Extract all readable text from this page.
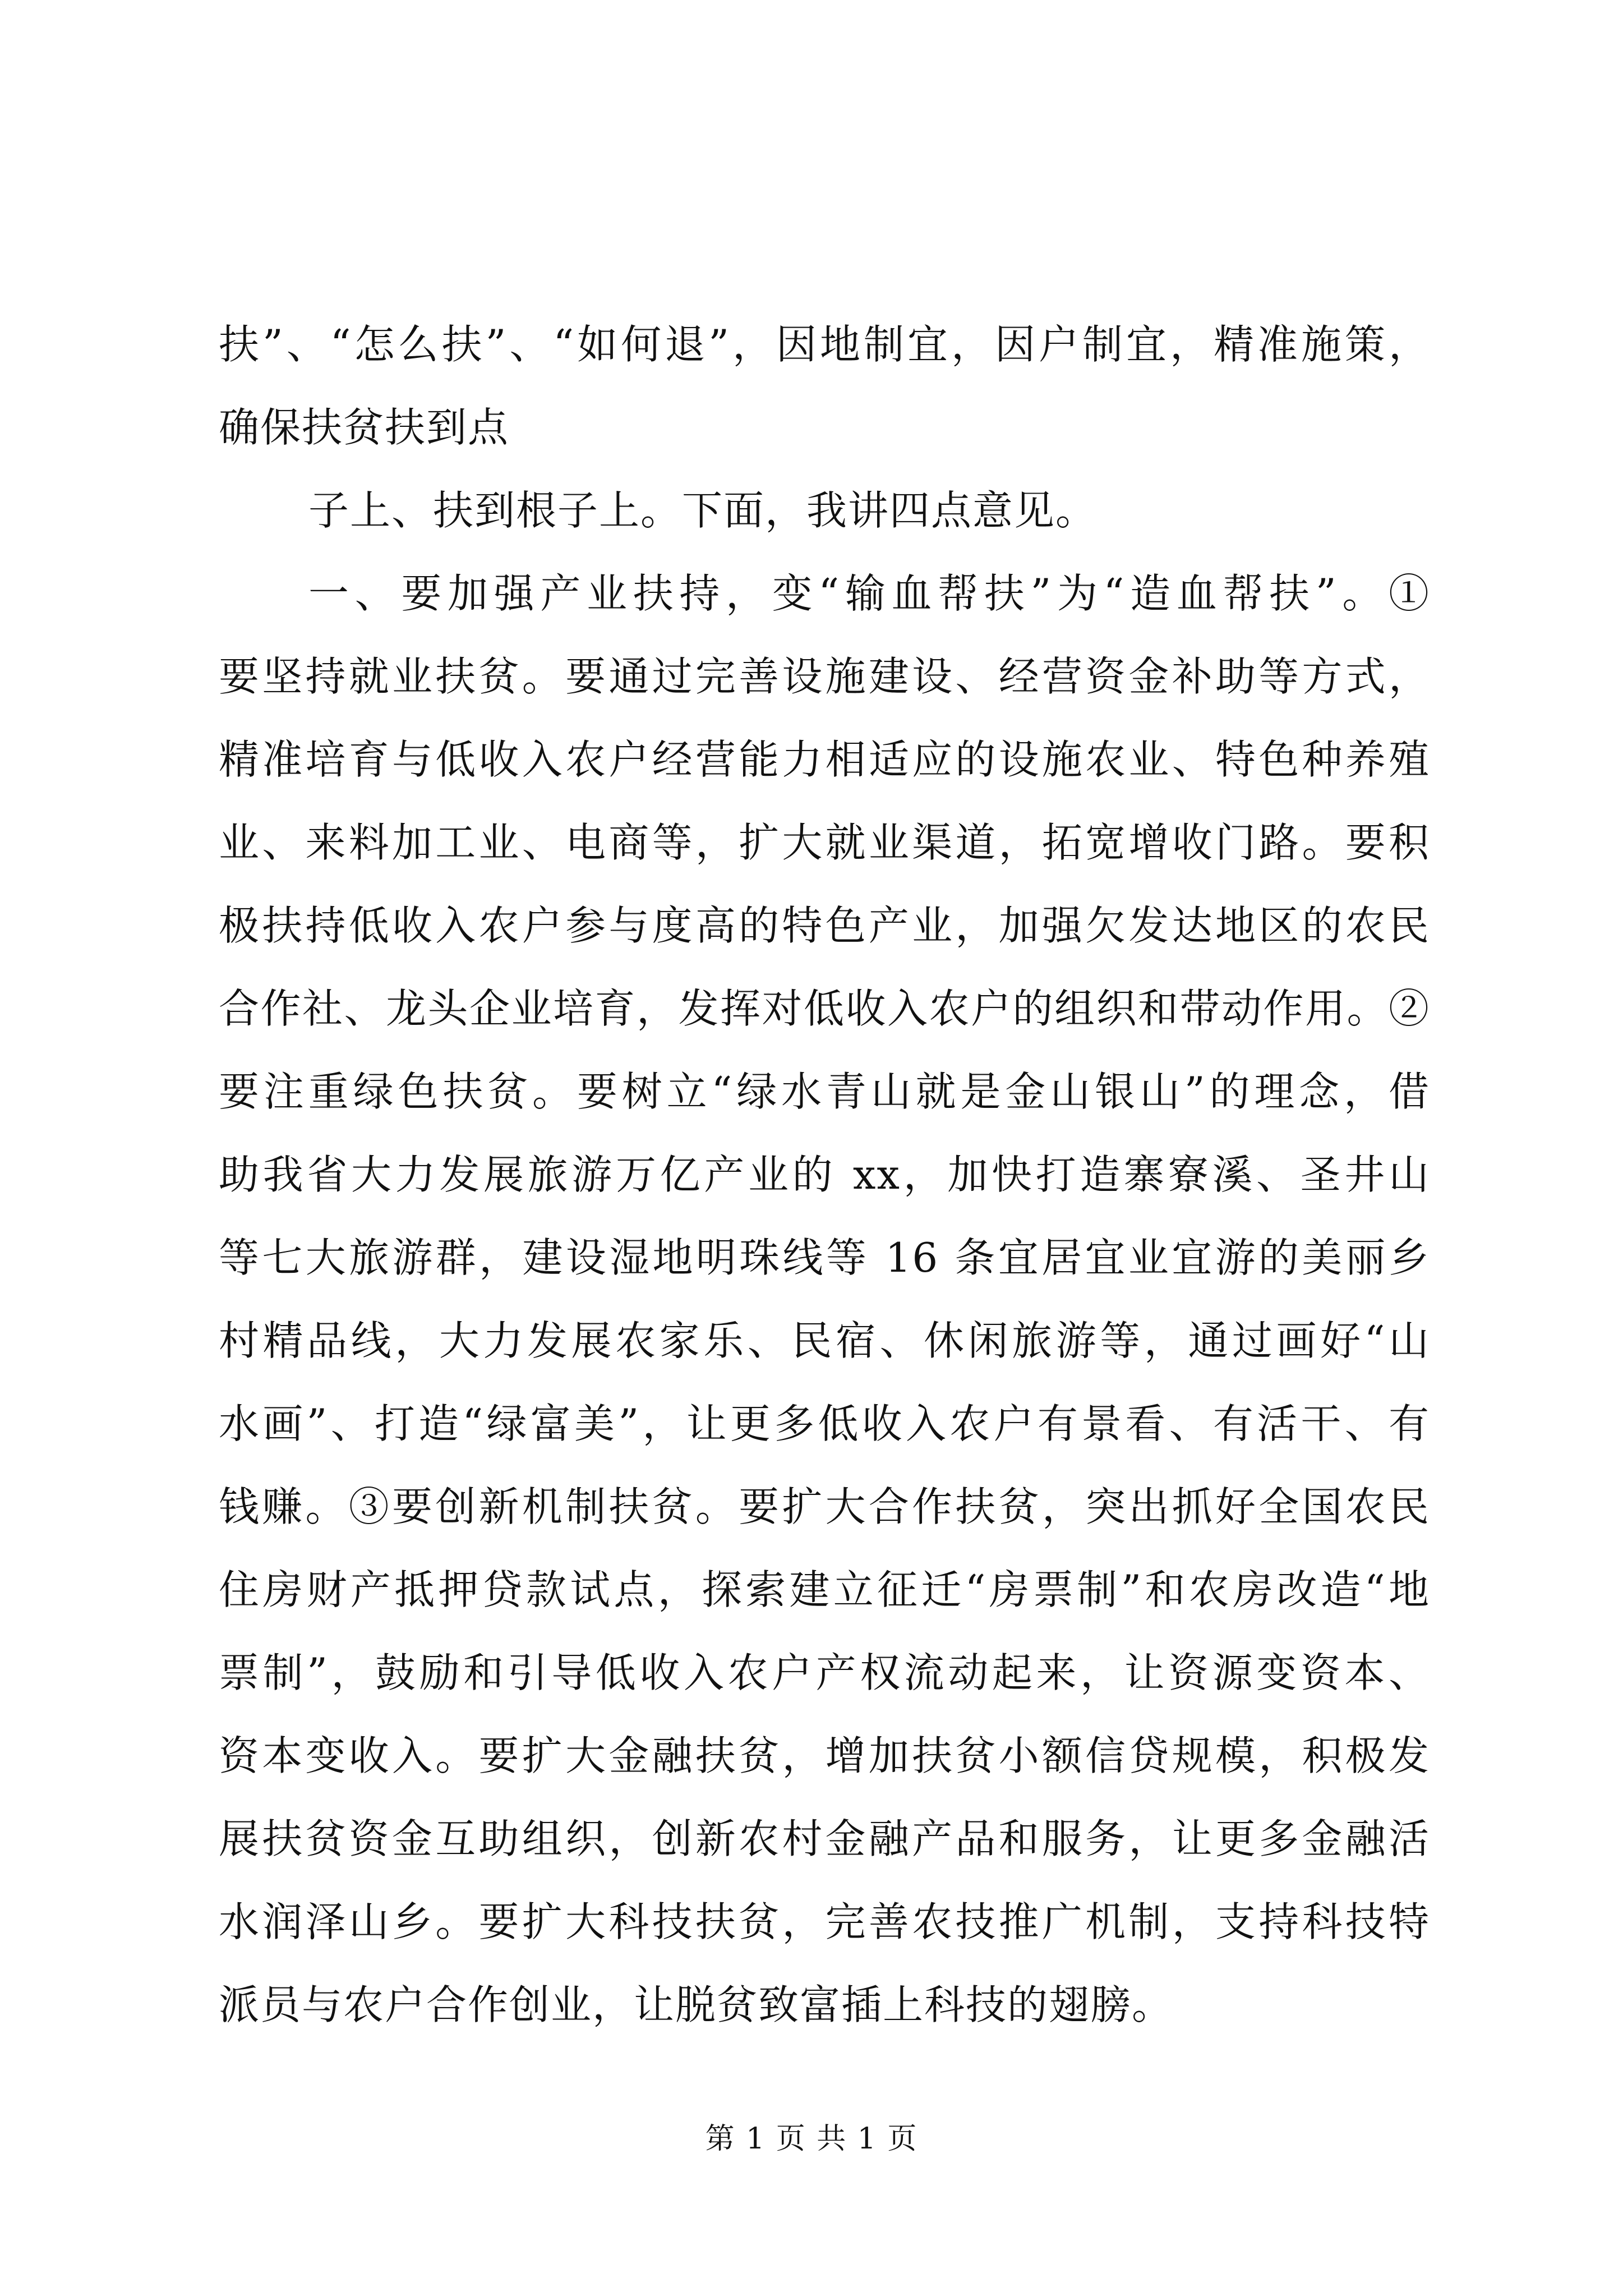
扶”、“怎么扶”、“如何退”，因地制宜，因户制宜，精准施策，
确保扶贫扶到点
子上、扶到根子上。下面，我讲四点意见。
一、要加强产业扶持，变“输血帮扶”为“造血帮扶”。①
要坚持就业扶贫。要通过完善设施建设、经营资金补助等方式，
精准培育与低收入农户经营能力相适应的设施农业、特色种养殖
业、来料加工业、电商等，扩大就业渠道，拓宽增收门路。要积
极扶持低收入农户参与度高的特色产业，加强欠发达地区的农民
合作社、龙头企业培育，发挥对低收入农户的组织和带动作用。②
要注重绿色扶贫。要树立“绿水青山就是金山银山”的理念，借
助我省大力发展旅游万亿产业的 xx，加快打造寨寮溪、圣井山
等七大旅游群，建设湿地明珠线等 16 条宜居宜业宜游的美丽乡
村精品线，大力发展农家乐、民宿、休闲旅游等，通过画好“山
水画”、打造“绿富美”，让更多低收入农户有景看、有活干、有
钱赚。③要创新机制扶贫。要扩大合作扶贫，突出抓好全国农民
住房财产抵押贷款试点，探索建立征迁“房票制”和农房改造“地
票制”，鼓励和引导低收入农户产权流动起来，让资源变资本、
资本变收入。要扩大金融扶贫，增加扶贫小额信贷规模，积极发
展扶贫资金互助组织，创新农村金融产品和服务，让更多金融活
水润泽山乡。要扩大科技扶贫，完善农技推广机制，支持科技特
派员与农户合作创业，让脱贫致富插上科技的翅膀。
第 1 页 共 1 页
